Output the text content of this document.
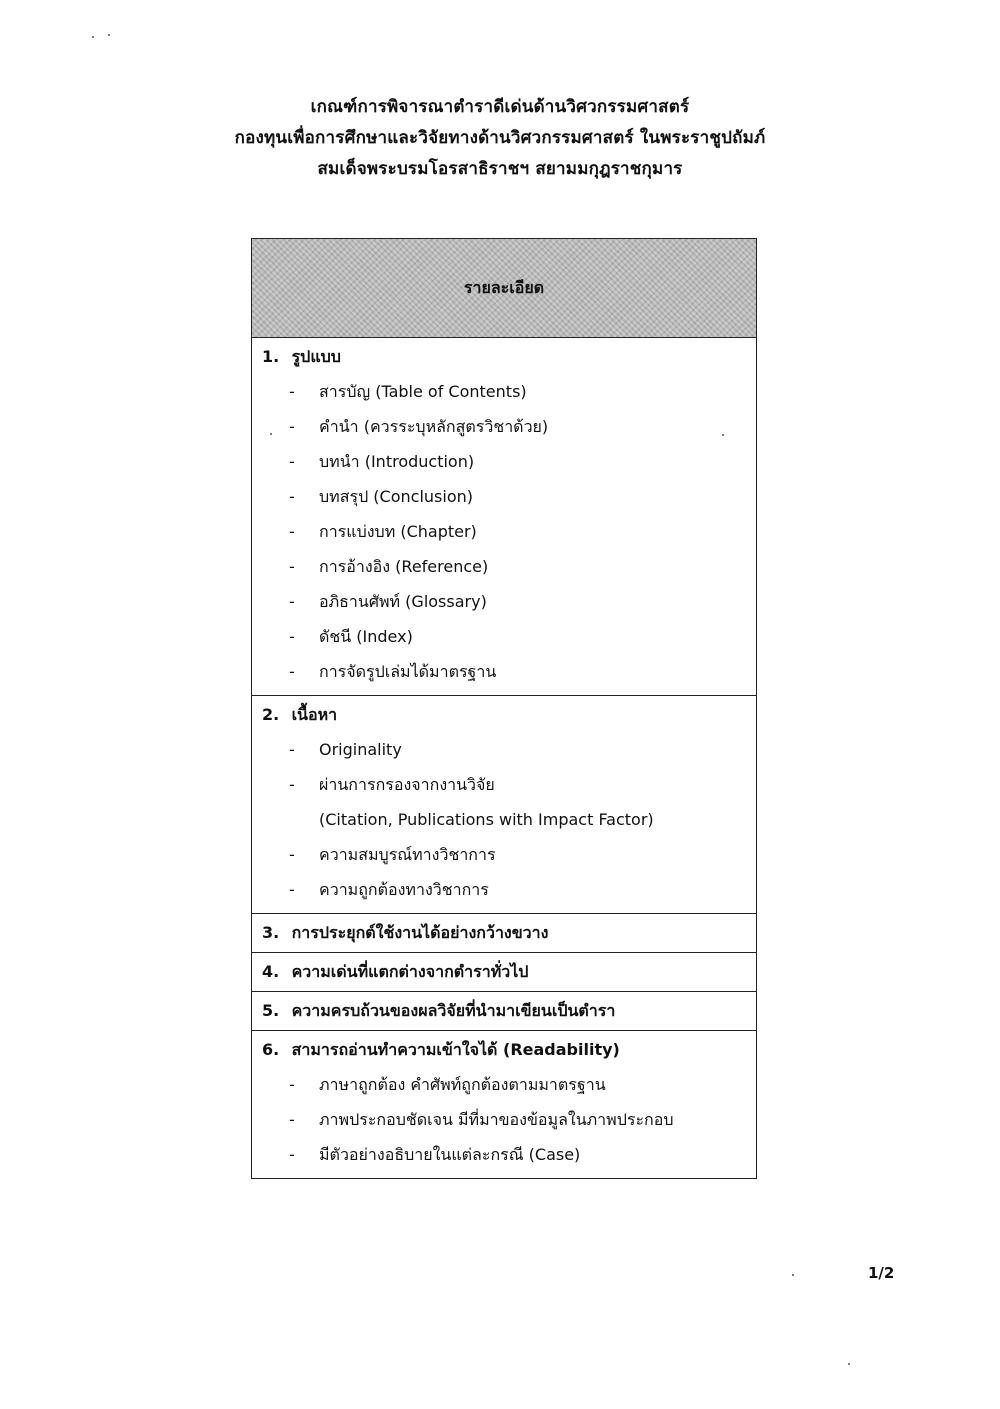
เกณฑ์การพิจารณาตำราดีเด่นด้านวิศวกรรมศาสตร์
กองทุนเพื่อการศึกษาและวิจัยทางด้านวิศวกรรมศาสตร์ ในพระราชูปถัมภ์
สมเด็จพระบรมโอรสาธิราชฯ สยามมกุฎราชกุมาร
รายละเอียด

1. รูปแบบ
- สารบัญ (Table of Contents)
- คำนำ (ควรระบุหลักสูตรวิชาด้วย)
- บทนำ (Introduction)
- บทสรุป (Conclusion)
- การแบ่งบท (Chapter)
- การอ้างอิง (Reference)
- อภิธานศัพท์ (Glossary)
- ดัชนี (Index)
- การจัดรูปเล่มได้มาตรฐาน

2. เนื้อหา
- Originality
- ผ่านการกรองจากงานวิจัย
(Citation, Publications with Impact Factor)
- ความสมบูรณ์ทางวิชาการ
- ความถูกต้องทางวิชาการ

3. การประยุกต์ใช้งานได้อย่างกว้างขวาง

4. ความเด่นที่แตกต่างจากตำราทั่วไป

5. ความครบถ้วนของผลวิจัยที่นำมาเขียนเป็นตำรา

6. สามารถอ่านทำความเข้าใจได้ (Readability)
- ภาษาถูกต้อง คำศัพท์ถูกต้องตามมาตรฐาน
- ภาพประกอบชัดเจน มีที่มาของข้อมูลในภาพประกอบ
- มีตัวอย่างอธิบายในแต่ละกรณี (Case)
1/2
